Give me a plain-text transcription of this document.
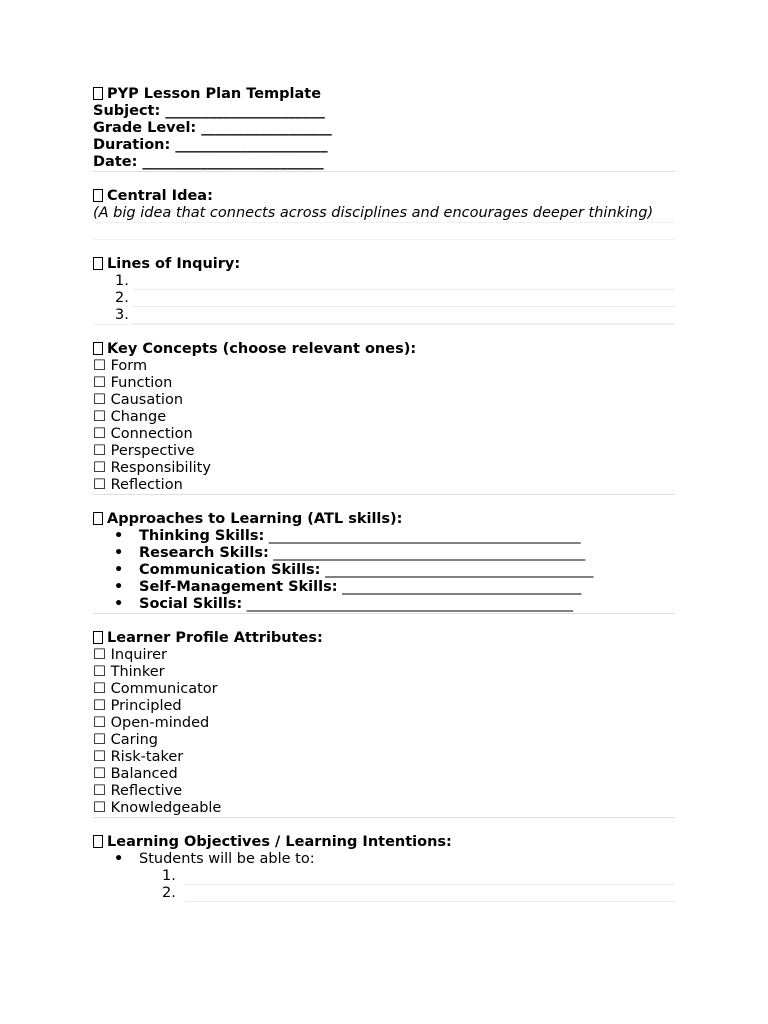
PYP Lesson Plan Template
Subject: ______________________
Grade Level: __________________
Duration: _____________________
Date: _________________________
Central Idea:
(A big idea that connects across disciplines and encourages deeper thinking)
Lines of Inquiry:
1.
2.
3.
Key Concepts (choose relevant ones):
☐ Form
☐ Function
☐ Causation
☐ Change
☐ Connection
☐ Perspective
☐ Responsibility
☐ Reflection
Approaches to Learning (ATL skills):
• Thinking Skills: ___________________________________________
• Research Skills: ___________________________________________
• Communication Skills: _____________________________________
• Self-Management Skills: _________________________________
• Social Skills: _____________________________________________
Learner Profile Attributes:
☐ Inquirer
☐ Thinker
☐ Communicator
☐ Principled
☐ Open-minded
☐ Caring
☐ Risk-taker
☐ Balanced
☐ Reflective
☐ Knowledgeable
Learning Objectives / Learning Intentions:
• Students will be able to:
1.
2.
